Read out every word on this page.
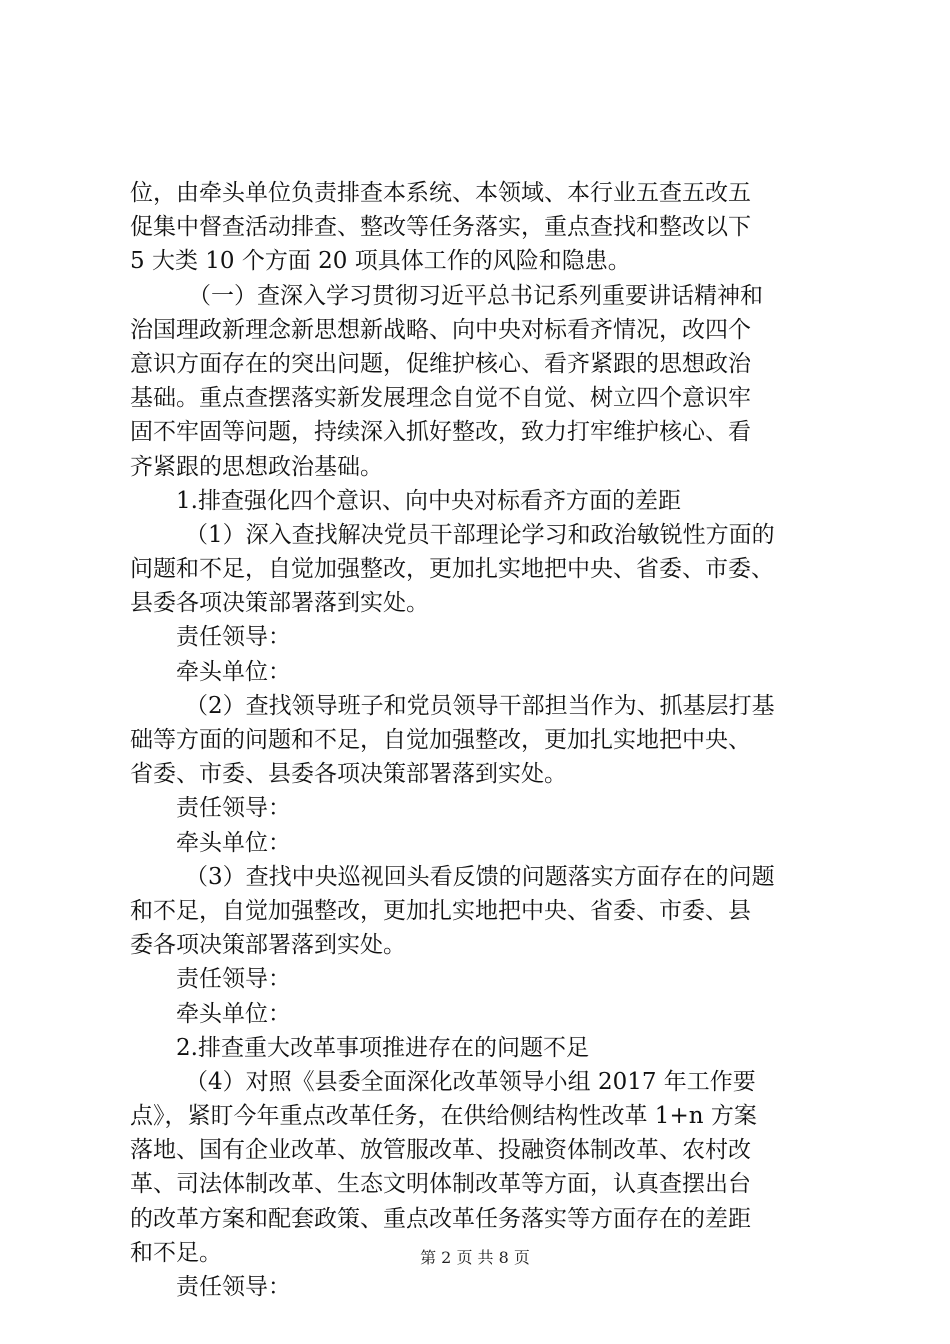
位，由牵头单位负责排查本系统、本领域、本行业五查五改五
促集中督查活动排查、整改等任务落实，重点查找和整改以下
5 大类 10 个方面 20 项具体工作的风险和隐患。
（一）查深入学习贯彻习近平总书记系列重要讲话精神和
治国理政新理念新思想新战略、向中央对标看齐情况，改四个
意识方面存在的突出问题，促维护核心、看齐紧跟的思想政治
基础。重点查摆落实新发展理念自觉不自觉、树立四个意识牢
固不牢固等问题，持续深入抓好整改，致力打牢维护核心、看
齐紧跟的思想政治基础。
1.排查强化四个意识、向中央对标看齐方面的差距
（1）深入查找解决党员干部理论学习和政治敏锐性方面的
问题和不足，自觉加强整改，更加扎实地把中央、省委、市委、
县委各项决策部署落到实处。
责任领导：
牵头单位：
（2）查找领导班子和党员领导干部担当作为、抓基层打基
础等方面的问题和不足，自觉加强整改，更加扎实地把中央、
省委、市委、县委各项决策部署落到实处。
责任领导：
牵头单位：
（3）查找中央巡视回头看反馈的问题落实方面存在的问题
和不足，自觉加强整改，更加扎实地把中央、省委、市委、县
委各项决策部署落到实处。
责任领导：
牵头单位：
2.排查重大改革事项推进存在的问题不足
（4）对照《县委全面深化改革领导小组 2017 年工作要
点》，紧盯今年重点改革任务，在供给侧结构性改革 1+n 方案
落地、国有企业改革、放管服改革、投融资体制改革、农村改
革、司法体制改革、生态文明体制改革等方面，认真查摆出台
的改革方案和配套政策、重点改革任务落实等方面存在的差距
和不足。
责任领导：
第 2 页 共 8 页
